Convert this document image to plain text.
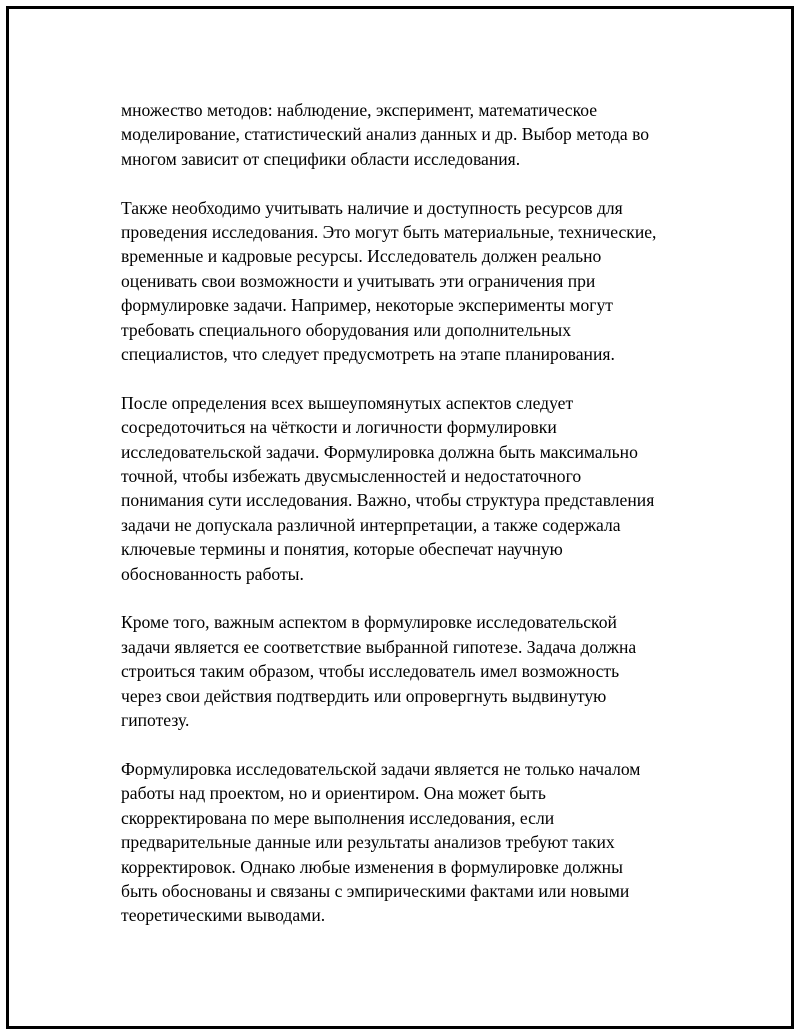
множество методов: наблюдение, эксперимент, математическое
моделирование, статистический анализ данных и др. Выбор метода во
многом зависит от специфики области исследования.

Также необходимо учитывать наличие и доступность ресурсов для
проведения исследования. Это могут быть материальные, технические,
временные и кадровые ресурсы. Исследователь должен реально
оценивать свои возможности и учитывать эти ограничения при
формулировке задачи. Например, некоторые эксперименты могут
требовать специального оборудования или дополнительных
специалистов, что следует предусмотреть на этапе планирования.

После определения всех вышеупомянутых аспектов следует
сосредоточиться на чёткости и логичности формулировки
исследовательской задачи. Формулировка должна быть максимально
точной, чтобы избежать двусмысленностей и недостаточного
понимания сути исследования. Важно, чтобы структура представления
задачи не допускала различной интерпретации, а также содержала
ключевые термины и понятия, которые обеспечат научную
обоснованность работы.

Кроме того, важным аспектом в формулировке исследовательской
задачи является ее соответствие выбранной гипотезе. Задача должна
строиться таким образом, чтобы исследователь имел возможность
через свои действия подтвердить или опровергнуть выдвинутую
гипотезу.

Формулировка исследовательской задачи является не только началом
работы над проектом, но и ориентиром. Она может быть
скорректирована по мере выполнения исследования, если
предварительные данные или результаты анализов требуют таких
корректировок. Однако любые изменения в формулировке должны
быть обоснованы и связаны с эмпирическими фактами или новыми
теоретическими выводами.
